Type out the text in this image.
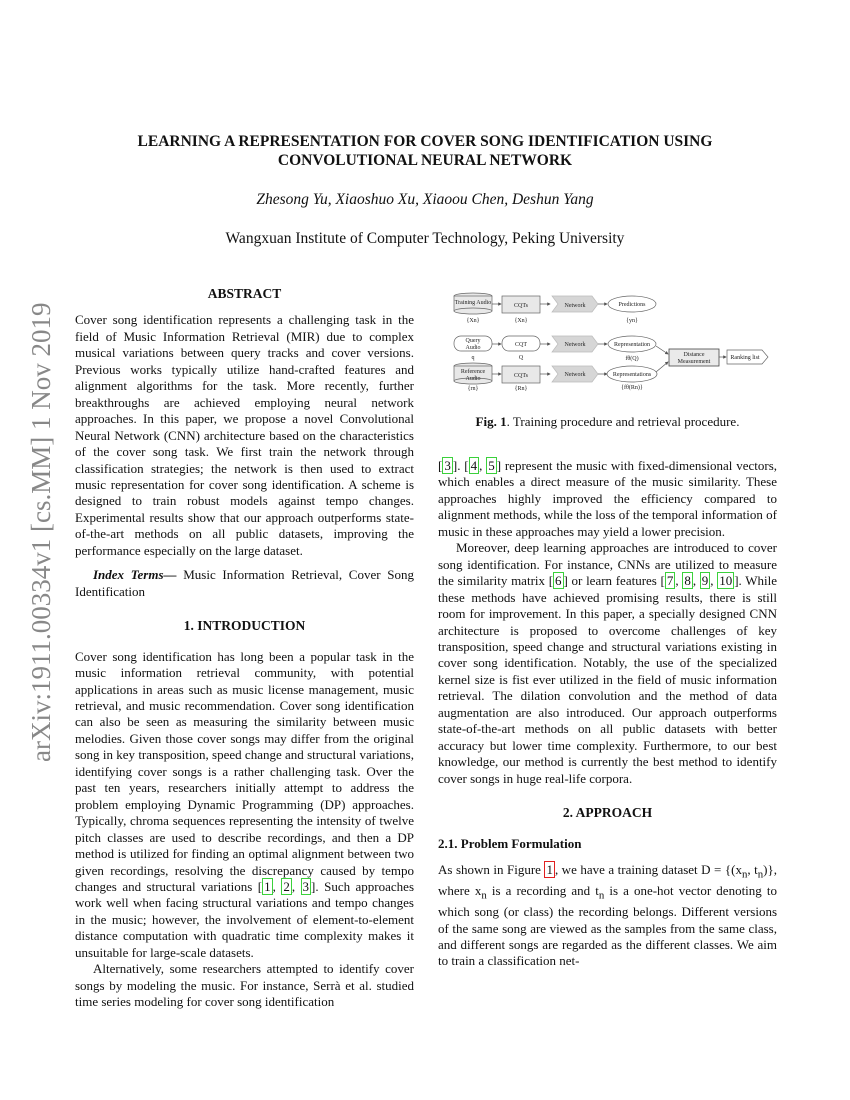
arXiv:1911.00334v1 [cs.MM] 1 Nov 2019
LEARNING A REPRESENTATION FOR COVER SONG IDENTIFICATION USING CONVOLUTIONAL NEURAL NETWORK
Zhesong Yu, Xiaoshuo Xu, Xiaoou Chen, Deshun Yang
Wangxuan Institute of Computer Technology, Peking University
ABSTRACT

Cover song identification represents a challenging task in the field of Music Information Retrieval (MIR) due to complex musical variations between query tracks and cover versions. Previous works typically utilize hand-crafted features and alignment algorithms for the task. More recently, further breakthroughs are achieved employing neural network approaches. In this paper, we propose a novel Convolutional Neural Network (CNN) architecture based on the characteristics of the cover song task. We first train the network through classification strategies; the network is then used to extract music representation for cover song identification. A scheme is designed to train robust models against tempo changes. Experimental results show that our approach outperforms state-of-the-art methods on all public datasets, improving the performance especially on the large dataset.

Index Terms— Music Information Retrieval, Cover Song Identification

1. INTRODUCTION

Cover song identification has long been a popular task in the music information retrieval community, with potential applications in areas such as music license management, music retrieval, and music recommendation. Cover song identification can also be seen as measuring the similarity between music melodies. Given those cover songs may differ from the original song in key transposition, speed change and structural variations, identifying cover songs is a rather challenging task. Over the past ten years, researchers initially attempt to address the problem employing Dynamic Programming (DP) approaches. Typically, chroma sequences representing the intensity of twelve pitch classes are used to describe recordings, and then a DP method is utilized for finding an optimal alignment between two given recordings, resolving the discrepancy caused by tempo changes and structural variations [ 1 , 2 , 3 ]. Such approaches work well when facing structural variations and tempo changes in the music; however, the involvement of element-to-element distance computation with quadratic time complexity makes it unsuitable for large-scale datasets.

Alternatively, some researchers attempted to identify cover songs by modeling the music. For instance, Serrà et al. studied time series modeling for cover song identification

Training Audio
{Xn}
CQTs
{Xn}
Network	Predictions
{yn}
Query
Audio
q
CQT
Q
Network	Representation
fθ(Q)
Distance
Measurement
Ranking list
Reference
Audio
{rn}
CQTs
{Rn}
Network	Representations
{fθ(Rn)}
Fig. 1. Training procedure and retrieval procedure.

[ 3 ]. [ 4 , 5 ] represent the music with fixed-dimensional vectors, which enables a direct measure of the music similarity. These approaches highly improved the efficiency compared to alignment methods, while the loss of the temporal information of music in these approaches may yield a lower precision.

Moreover, deep learning approaches are introduced to cover song identification. For instance, CNNs are utilized to measure the similarity matrix [ 6 ] or learn features [ 7 , 8 , 9 , 10 ]. While these methods have achieved promising results, there is still room for improvement. In this paper, a specially designed CNN architecture is proposed to overcome challenges of key transposition, speed change and structural variations existing in cover song identification. Notably, the use of the specialized kernel size is fist ever utilized in the field of music information retrieval. The dilation convolution and the method of data augmentation are also introduced. Our approach outperforms state-of-the-art methods on all public datasets with better accuracy but lower time complexity. Furthermore, to our best knowledge, our method is currently the best method to identify cover songs in huge real-life corpora.

2. APPROACH
2.1. Problem Formulation

As shown in Figure 1 , we have a training dataset $D = \{(x_n$, $t_n$)}, where $x_n$ is a recording and $t_n$ is a one-hot vector denoting to which song (or class) the recording belongs. Different versions of the same song are viewed as the samples from the same class, and different songs are regarded as the different classes. We aim to train a classification net-
